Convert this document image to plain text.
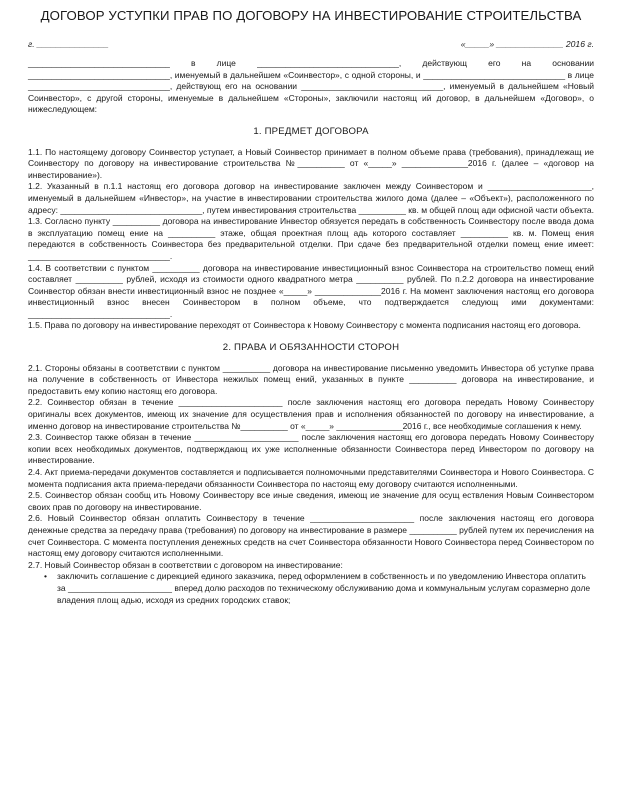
ДОГОВОР УСТУПКИ ПРАВ ПО ДОГОВОРУ НА ИНВЕСТИРОВАНИЕ СТРОИТЕЛЬСТВА
г. _______________	«_____» ______________ 2016 г.

______________________________ в лице ______________________________, действующ его на основании ______________________________, именуемый в дальнейшем «Соинвестор», с одной стороны, и ______________________________ в лице ______________________________, действующ его на основании ______________________________, именуемый в дальнейшем «Новый Соинвестор», с другой стороны, именуемые в дальнейшем «Стороны», заключили настоящ ий договор, в дальнейшем «Договор», о нижеследующем:

1. ПРЕДМЕТ ДОГОВОРА

1.1. По настоящему договору Соинвестор уступает, а Новый Соинвестор принимает в полном объеме права (требования), принадлежащ ие Соинвестору по договору на инвестирование строительства №__________ от «_____» ______________2016 г. (далее – «договор на инвестирование»).

1.2. Указанный в п.1.1 настоящ его договора договор на инвестирование заключен между Соинвестором и ______________________, именуемый в дальнейшем «Инвестор», на участие в инвестировании строительства жилого дома (далее – «Объект»), расположенного по адресу: ______________________________, путем инвестирования строительства __________ кв. м общей площ ади офисной части объекта.

1.3. Согласно пункту __________ договора на инвестирование Инвестор обязуется передать в собственность Соинвестору после ввода дома в эксплуатацию помещ ение на __________ этаже, общая проектная площ адь которого составляет __________ кв. м. Помещ ения передаются в собственность Соинвестора без предварительной отделки. При сдаче без предварительной отделки помещ ение имеет: ______________________________.

1.4. В соответствии с пунктом __________ договора на инвестирование инвестиционный взнос Соинвестора на строительство помещ ений составляет __________ рублей, исходя из стоимости одного квадратного метра __________ рублей. По п.2.2 договора на инвестирование Соинвестор обязан внести инвестиционный взнос не позднее «_____» ______________2016 г. На момент заключения настоящ его договора инвестиционный взнос внесен Соинвестором в полном объеме, что подтверждается следующ ими документами: ______________________________.

1.5. Права по договору на инвестирование переходят от Соинвестора к Новому Соинвестору с момента подписания настоящ его договора.

2. ПРАВА И ОБЯЗАННОСТИ СТОРОН

2.1. Стороны обязаны в соответствии с пунктом __________ договора на инвестирование письменно уведомить Инвестора об уступке права на получение в собственность от Инвестора нежилых помещ ений, указанных в пункте __________ договора на инвестирование, и предоставить ему копию настоящ его договора.

2.2. Соинвестор обязан в течение ______________________ после заключения настоящ его договора передать Новому Соинвестору оригиналы всех документов, имеющ их значение для осуществления прав и исполнения обязанностей по договору на инвестирование, а именно договор на инвестирование строительства №__________ от «_____» ______________2016 г., все необходимые соглашения к нему.

2.3. Соинвестор также обязан в течение ______________________ после заключения настоящ его договора передать Новому Соинвестору копии всех необходимых документов, подтверждающ их уже исполненные обязанности Соинвестора перед Инвестором по договору на инвестирование.

2.4. Акт приема-передачи документов составляется и подписывается полномочными представителями Соинвестора и Нового Соинвестора. С момента подписания акта приема-передачи обязанности Соинвестора по настоящ ему договору считаются исполненными.

2.5. Соинвестор обязан сообщ ить Новому Соинвестору все иные сведения, имеющ ие значение для осущ ествления Новым Соинвестором своих прав по договору на инвестирование.

2.6. Новый Соинвестор обязан оплатить Соинвестору в течение ______________________ после заключения настоящ его договора денежные средства за передачу права (требования) по договору на инвестирование в размере __________ рублей путем их перечисления на счет Соинвестора. С момента поступления денежных средств на счет Соинвестора обязанности Нового Соинвестора перед Соинвестором по настоящ ему договору считаются исполненными.

2.7. Новый Соинвестор обязан в соответствии с договором на инвестирование:

•	заключить соглашение с дирекцией единого заказчика, перед оформлением в собственность и по уведомлению Инвестора оплатить за ______________________ вперед долю расходов по техническому обслуживанию дома и коммунальным услугам соразмерно доле владения площ адью, исходя из средних городских ставок;
